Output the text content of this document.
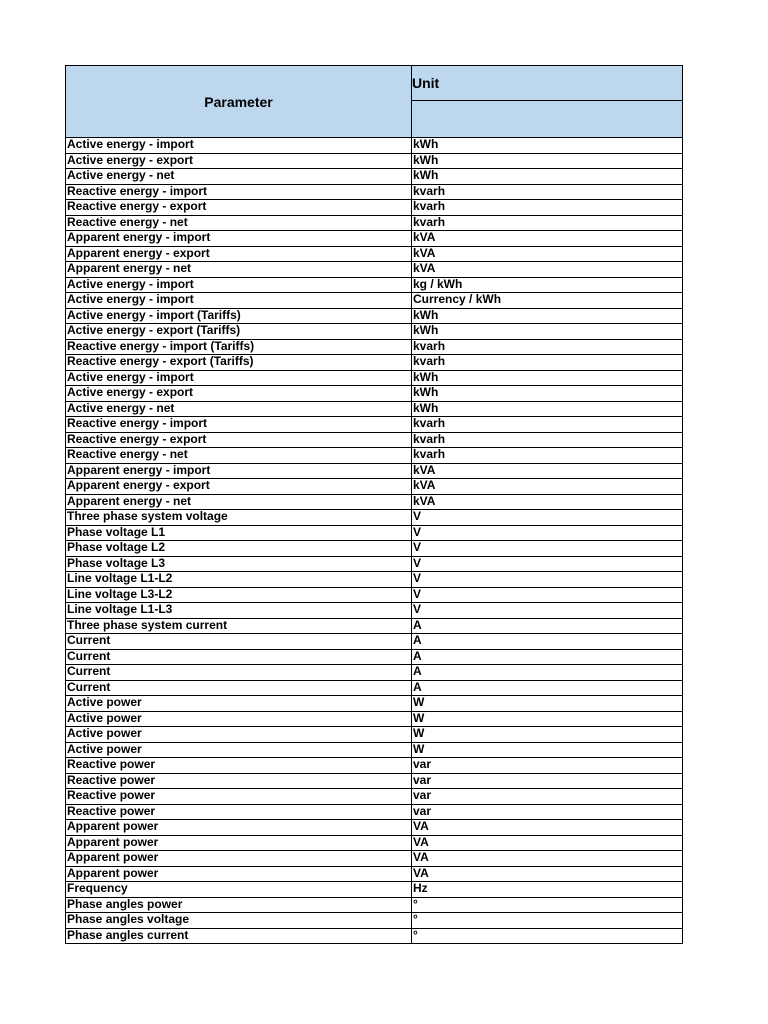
Parameter	Unit

Active energy - import	kWh
Active energy - export	kWh
Active energy - net	kWh
Reactive energy - import	kvarh
Reactive energy - export	kvarh
Reactive energy - net	kvarh
Apparent energy - import	kVA
Apparent energy - export	kVA
Apparent energy - net	kVA
Active energy - import	kg / kWh
Active energy - import	Currency / kWh
Active energy - import (Tariffs)	kWh
Active energy - export (Tariffs)	kWh
Reactive energy - import (Tariffs)	kvarh
Reactive energy - export (Tariffs)	kvarh
Active energy - import	kWh
Active energy - export	kWh
Active energy - net	kWh
Reactive energy - import	kvarh
Reactive energy - export	kvarh
Reactive energy - net	kvarh
Apparent energy - import	kVA
Apparent energy - export	kVA
Apparent energy - net	kVA
Three phase system voltage	V
Phase voltage L1	V
Phase voltage L2	V
Phase voltage L3	V
Line voltage L1-L2	V
Line voltage L3-L2	V
Line voltage L1-L3	V
Three phase system current	A
Current	A
Current	A
Current	A
Current	A
Active power	W
Active power	W
Active power	W
Active power	W
Reactive power	var
Reactive power	var
Reactive power	var
Reactive power	var
Apparent power	VA
Apparent power	VA
Apparent power	VA
Apparent power	VA
Frequency	Hz
Phase angles power	°
Phase angles voltage	°
Phase angles current	°
